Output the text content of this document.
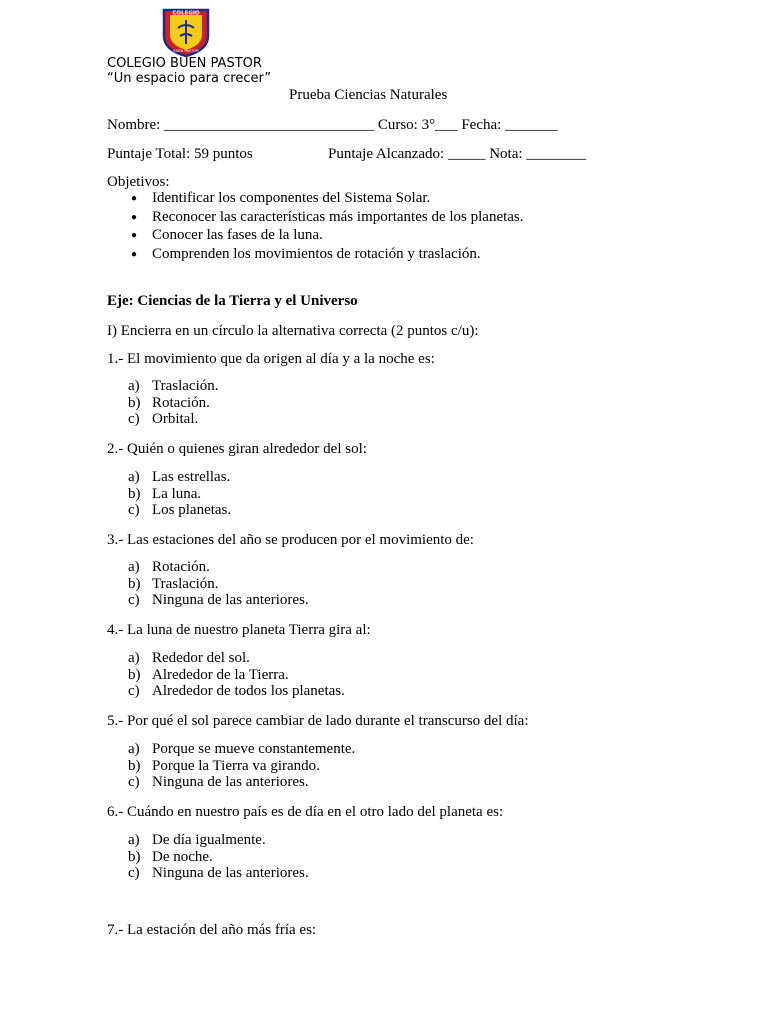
COLEGIO
BUEN PASTOR
COLEGIO BUEN PASTOR
“Un espacio para crecer”
Prueba Ciencias Naturales
Nombre: ____________________________ Curso: 3°___ Fecha: _______
Puntaje Total: 59 puntos	Puntaje Alcanzado: _____ Nota: ________
Objetivos:
● Identificar los componentes del Sistema Solar.
● Reconocer las características más importantes de los planetas.
● Conocer las fases de la luna.
● Comprenden los movimientos de rotación y traslación.
Eje: Ciencias de la Tierra y el Universo
I) Encierra en un círculo la alternativa correcta (2 puntos c/u):
1.- El movimiento que da origen al día y a la noche es:
a) Traslación.
b) Rotación.
c) Orbital.
2.- Quién o quienes giran alrededor del sol:
a) Las estrellas.
b) La luna.
c) Los planetas.
3.- Las estaciones del año se producen por el movimiento de:
a) Rotación.
b) Traslación.
c) Ninguna de las anteriores.
4.- La luna de nuestro planeta Tierra gira al:
a) Rededor del sol.
b) Alrededor de la Tierra.
c) Alrededor de todos los planetas.
5.- Por qué el sol parece cambiar de lado durante el transcurso del día:
a) Porque se mueve constantemente.
b) Porque la Tierra va girando.
c) Ninguna de las anteriores.
6.- Cuándo en nuestro país es de día en el otro lado del planeta es:
a) De día igualmente.
b) De noche.
c) Ninguna de las anteriores.
7.- La estación del año más fría es:
